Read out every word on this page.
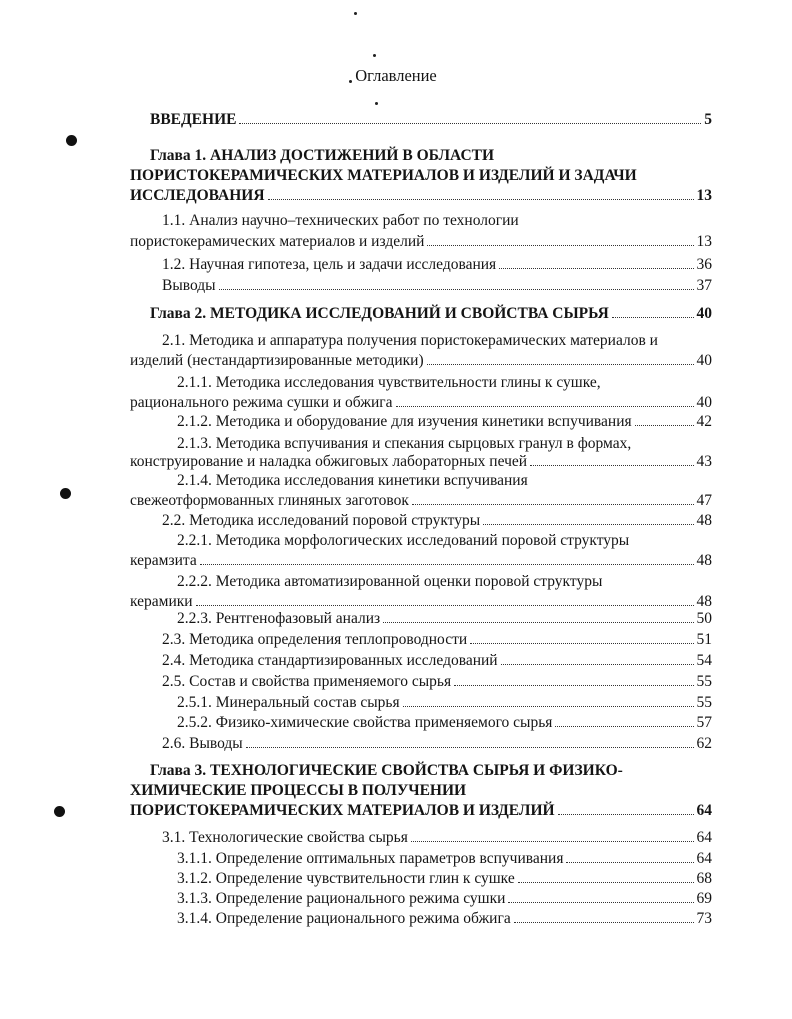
Оглавление
ВВЕДЕНИЕ	5
Глава 1. АНАЛИЗ ДОСТИЖЕНИЙ В ОБЛАСТИ
ПОРИСТОКЕРАМИЧЕСКИХ МАТЕРИАЛОВ И ИЗДЕЛИЙ И ЗАДАЧИ
ИССЛЕДОВАНИЯ	13
1.1. Анализ научно–технических работ по технологии
пористокерамических материалов и изделий	13
1.2. Научная гипотеза, цель и задачи исследования	36
Выводы	37
Глава 2. МЕТОДИКА ИССЛЕДОВАНИЙ И СВОЙСТВА СЫРЬЯ	40
2.1. Методика и аппаратура получения пористокерамических материалов и
изделий (нестандартизированные методики)	40
2.1.1. Методика исследования чувствительности глины к сушке,
рационального режима сушки и обжига	40
2.1.2. Методика и оборудование для изучения кинетики вспучивания	42
2.1.3. Методика вспучивания и спекания сырцовых гранул в формах,
конструирование и наладка обжиговых лабораторных печей	43
2.1.4. Методика исследования кинетики вспучивания
свежеотформованных глиняных заготовок	47
2.2. Методика исследований поровой структуры	48
2.2.1. Методика морфологических исследований поровой структуры
керамзита	48
2.2.2. Методика автоматизированной оценки поровой структуры
керамики	48
2.2.3. Рентгенофазовый анализ	50
2.3. Методика определения теплопроводности	51
2.4. Методика стандартизированных исследований	54
2.5. Состав и свойства применяемого сырья	55
2.5.1. Минеральный состав сырья	55
2.5.2. Физико-химические свойства применяемого сырья	57
2.6. Выводы	62
Глава 3. ТЕХНОЛОГИЧЕСКИЕ СВОЙСТВА СЫРЬЯ И ФИЗИКО-
ХИМИЧЕСКИЕ ПРОЦЕССЫ В ПОЛУЧЕНИИ
ПОРИСТОКЕРАМИЧЕСКИХ МАТЕРИАЛОВ И ИЗДЕЛИЙ	64
3.1. Технологические свойства сырья	64
3.1.1. Определение оптимальных параметров вспучивания	64
3.1.2. Определение чувствительности глин к сушке	68
3.1.3. Определение рационального режима сушки	69
3.1.4. Определение рационального режима обжига	73
